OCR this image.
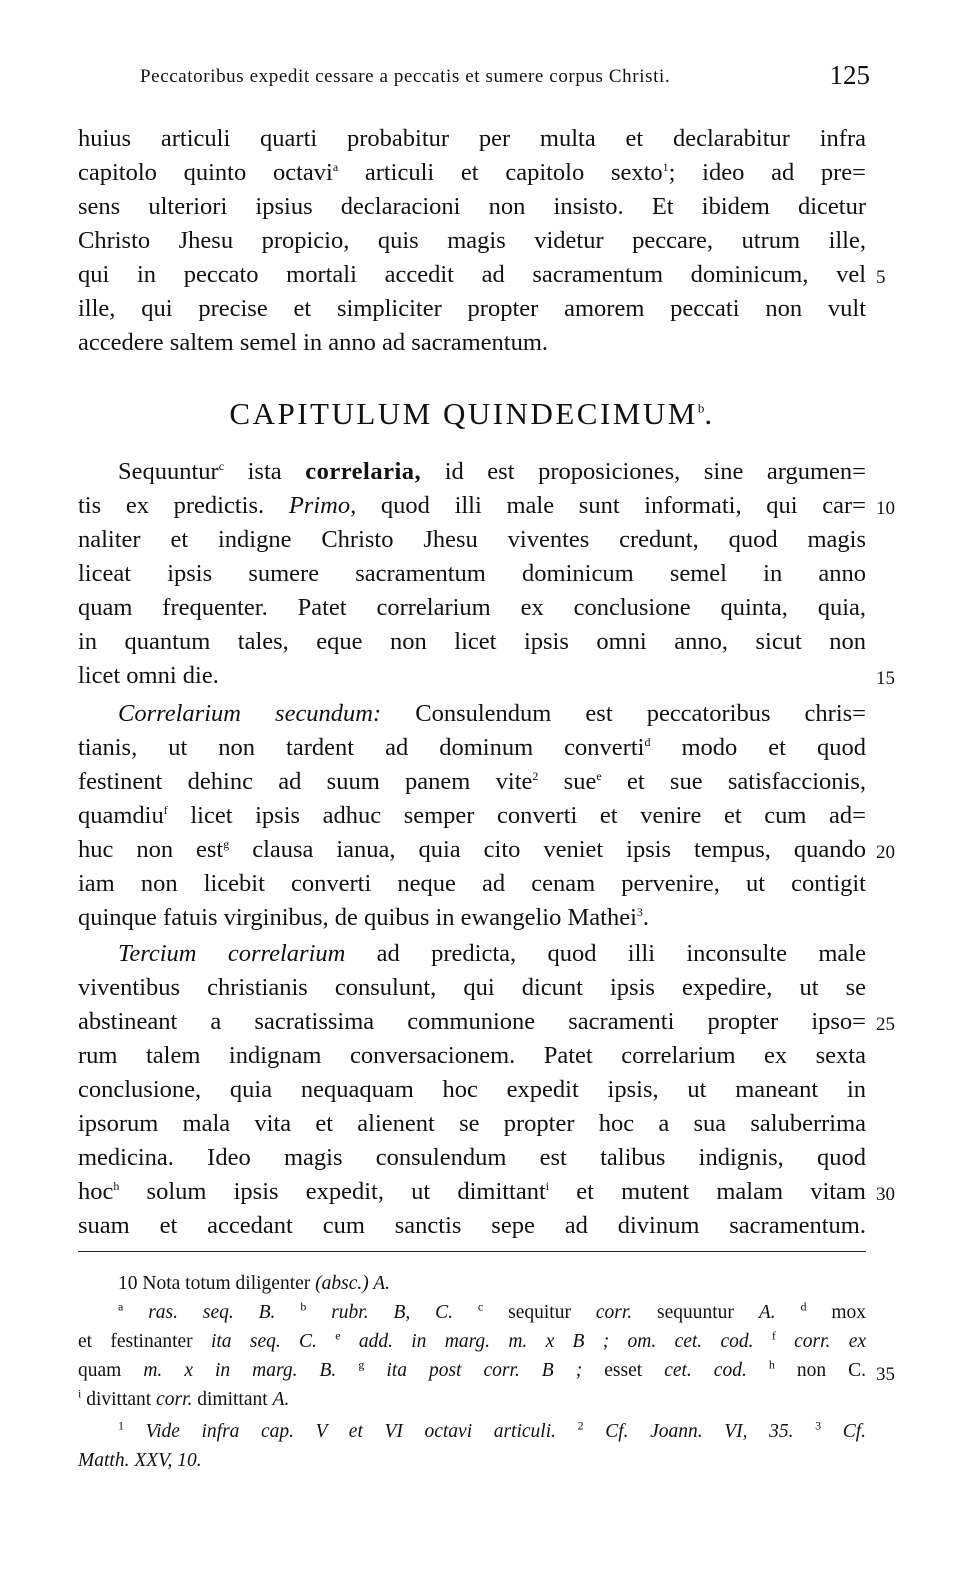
Peccatoribus expedit cessare a peccatis et sumere corpus Christi.	125
huius articuli quarti probabitur per multa et declarabitur infra
capitolo quinto octavi$^a$ articuli et capitolo sexto$^1$; ideo ad pre=
sens ulteriori ipsius declaracioni non insisto. Et ibidem dicetur
Christo Jhesu propicio, quis magis videtur peccare, utrum ille,
qui in peccato mortali accedit ad sacramentum dominicum, vel 5
ille, qui precise et simpliciter propter amorem peccati non vult
accedere saltem semel in anno ad sacramentum.
CAPITULUM QUINDECIMUM$^b$.
Sequuntur$^c$ ista correlaria, id est proposiciones, sine argumen=
tis ex predictis. Primo, quod illi male sunt informati, qui car= 10
naliter et indigne Christo Jhesu viventes credunt, quod magis
liceat ipsis sumere sacramentum dominicum semel in anno
quam frequenter. Patet correlarium ex conclusione quinta, quia,
in quantum tales, eque non licet ipsis omni anno, sicut non
licet omni die.	15
Correlarium secundum: Consulendum est peccatoribus chris=
tianis, ut non tardent ad dominum converti$^d$ modo et quod
festinent dehinc ad suum panem vite$^2$ sue$^e$ et sue satisfaccionis,
quamdiu$^f$ licet ipsis adhuc semper converti et venire et cum ad=
huc non est$^g$ clausa ianua, quia cito veniet ipsis tempus, quando 20
iam non licebit converti neque ad cenam pervenire, ut contigit
quinque fatuis virginibus, de quibus in ewangelio Mathei$^3$.
Tercium correlarium ad predicta, quod illi inconsulte male
viventibus christianis consulunt, qui dicunt ipsis expedire, ut se
abstineant a sacratissima communione sacramenti propter ipso= 25
rum talem indignam conversacionem. Patet correlarium ex sexta
conclusione, quia nequaquam hoc expedit ipsis, ut maneant in
ipsorum mala vita et alienent se propter hoc a sua saluberrima
medicina. Ideo magis consulendum est talibus indignis, quod
hoc$^h$ solum ipsis expedit, ut dimittant$^i$ et mutent malam vitam 30
suam et accedant cum sanctis sepe ad divinum sacramentum.
10 Nota totum diligenter (absc.) A.
$^a$ ras. seq. B. $^b$ rubr. B, C. $^c$ sequitur corr. sequuntur A. $^d$ mox
et festinanter ita seq. C. $^e$ add. in marg. m. x B ; om. cet. cod. $^f$ corr. ex
quam m. x in marg. B. $^g$ ita post corr. B ; esset cet. cod. $^h$ non C. 35
$^i$ divittant corr. dimittant A.
$^1$ Vide infra cap. V et VI octavi articuli. $^2$ Cf. Joann. VI, 35. $^3$ Cf.
Matth. XXV, 10.
